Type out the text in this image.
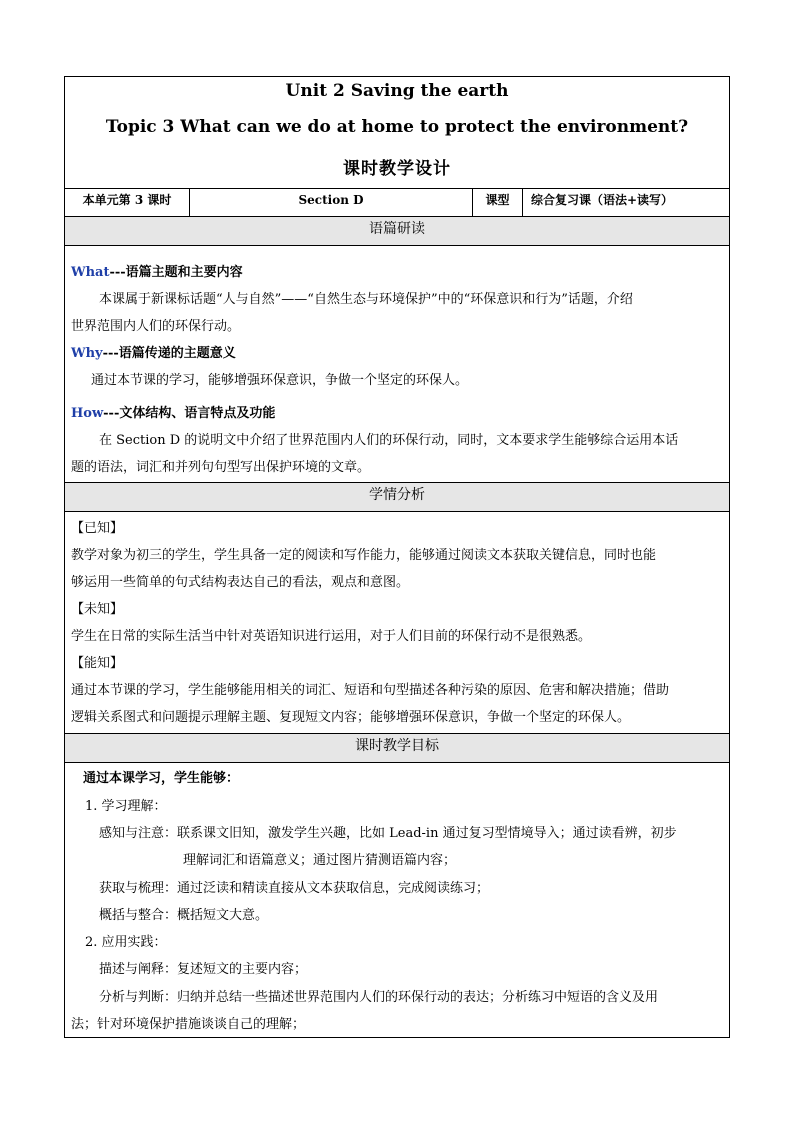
Unit 2 Saving the earth
Topic 3 What can we do at home to protect the environment?
课时教学设计
本单元第 3 课时	Section D	课型	综合复习课（语法+读写）
语篇研读
What---语篇主题和主要内容
本课属于新课标话题“人与自然”——“自然生态与环境保护”中的“环保意识和行为”话题，介绍
世界范围内人们的环保行动。
Why---语篇传递的主题意义
通过本节课的学习，能够增强环保意识，争做一个坚定的环保人。
How---文体结构、语言特点及功能
在 Section D 的说明文中介绍了世界范围内人们的环保行动，同时，文本要求学生能够综合运用本话
题的语法，词汇和并列句句型写出保护环境的文章。
学情分析
【已知】
教学对象为初三的学生，学生具备一定的阅读和写作能力，能够通过阅读文本获取关键信息，同时也能
够运用一些简单的句式结构表达自己的看法，观点和意图。
【未知】
学生在日常的实际生活当中针对英语知识进行运用，对于人们目前的环保行动不是很熟悉。
【能知】
通过本节课的学习，学生能够能用相关的词汇、短语和句型描述各种污染的原因、危害和解决措施；借助
逻辑关系图式和问题提示理解主题、复现短文内容；能够增强环保意识，争做一个坚定的环保人。
课时教学目标
通过本课学习，学生能够：
1. 学习理解：
感知与注意：联系课文旧知，激发学生兴趣，比如 Lead-in 通过复习型情境导入；通过读看辨，初步
理解词汇和语篇意义；通过图片猜测语篇内容；
获取与梳理：通过泛读和精读直接从文本获取信息，完成阅读练习；
概括与整合：概括短文大意。
2. 应用实践：
描述与阐释：复述短文的主要内容；
分析与判断：归纳并总结一些描述世界范围内人们的环保行动的表达；分析练习中短语的含义及用
法；针对环境保护措施谈谈自己的理解；
